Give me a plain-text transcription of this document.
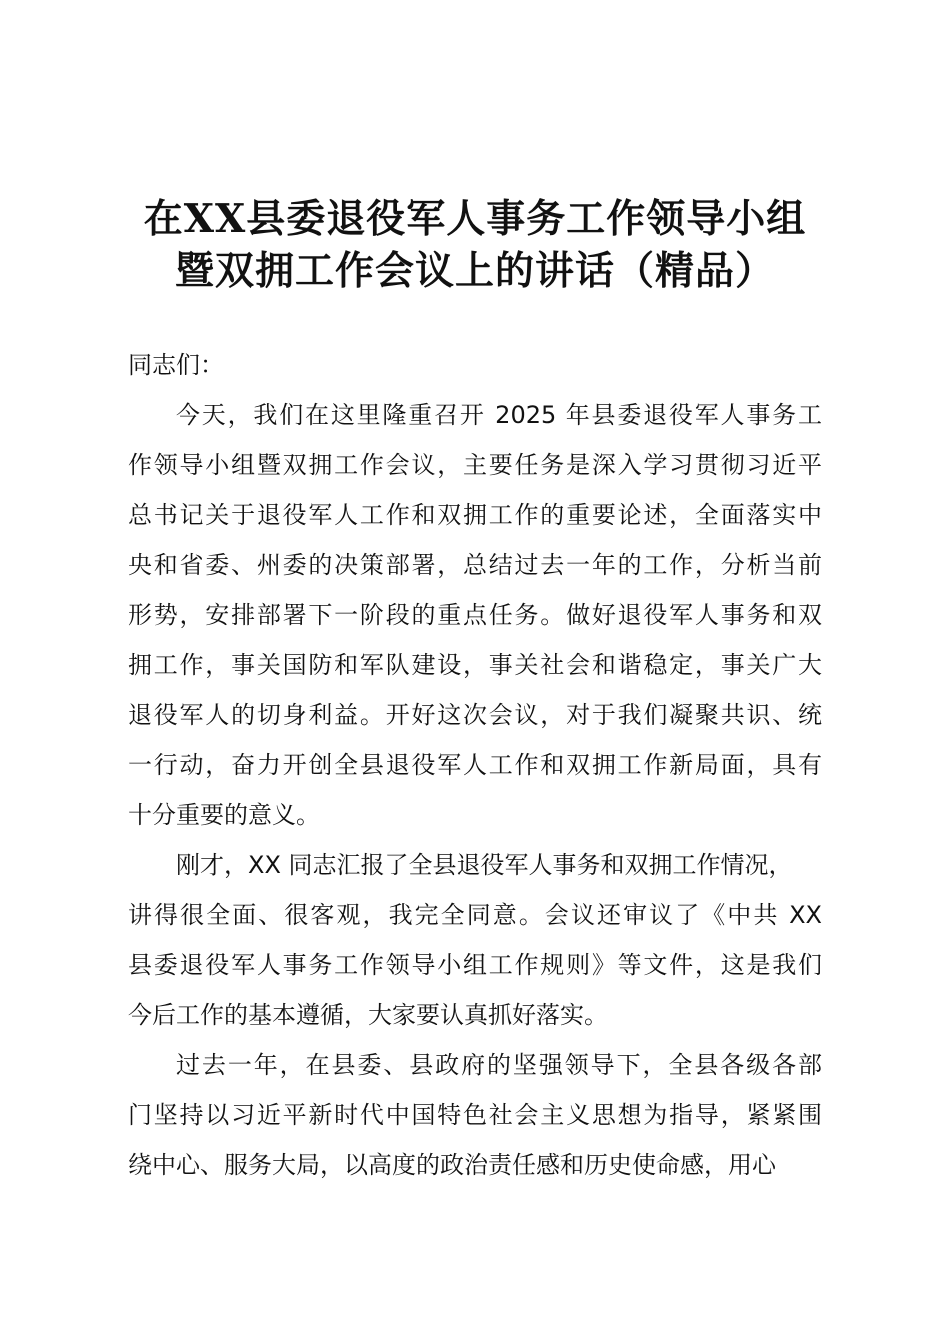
在XX县委退役军人事务工作领导小组
暨双拥工作会议上的讲话（精品）
同志们：
今天，我们在这里隆重召开 2025 年县委退役军人事务工
作领导小组暨双拥工作会议，主要任务是深入学习贯彻习近平
总书记关于退役军人工作和双拥工作的重要论述，全面落实中
央和省委、州委的决策部署，总结过去一年的工作，分析当前
形势，安排部署下一阶段的重点任务。做好退役军人事务和双
拥工作，事关国防和军队建设，事关社会和谐稳定，事关广大
退役军人的切身利益。开好这次会议，对于我们凝聚共识、统
一行动，奋力开创全县退役军人工作和双拥工作新局面，具有
十分重要的意义。
刚才，XX 同志汇报了全县退役军人事务和双拥工作情况，
讲得很全面、很客观，我完全同意。会议还审议了《中共 XX
县委退役军人事务工作领导小组工作规则》等文件，这是我们
今后工作的基本遵循，大家要认真抓好落实。
过去一年，在县委、县政府的坚强领导下，全县各级各部
门坚持以习近平新时代中国特色社会主义思想为指导，紧紧围
绕中心、服务大局，以高度的政治责任感和历史使命感，用心
